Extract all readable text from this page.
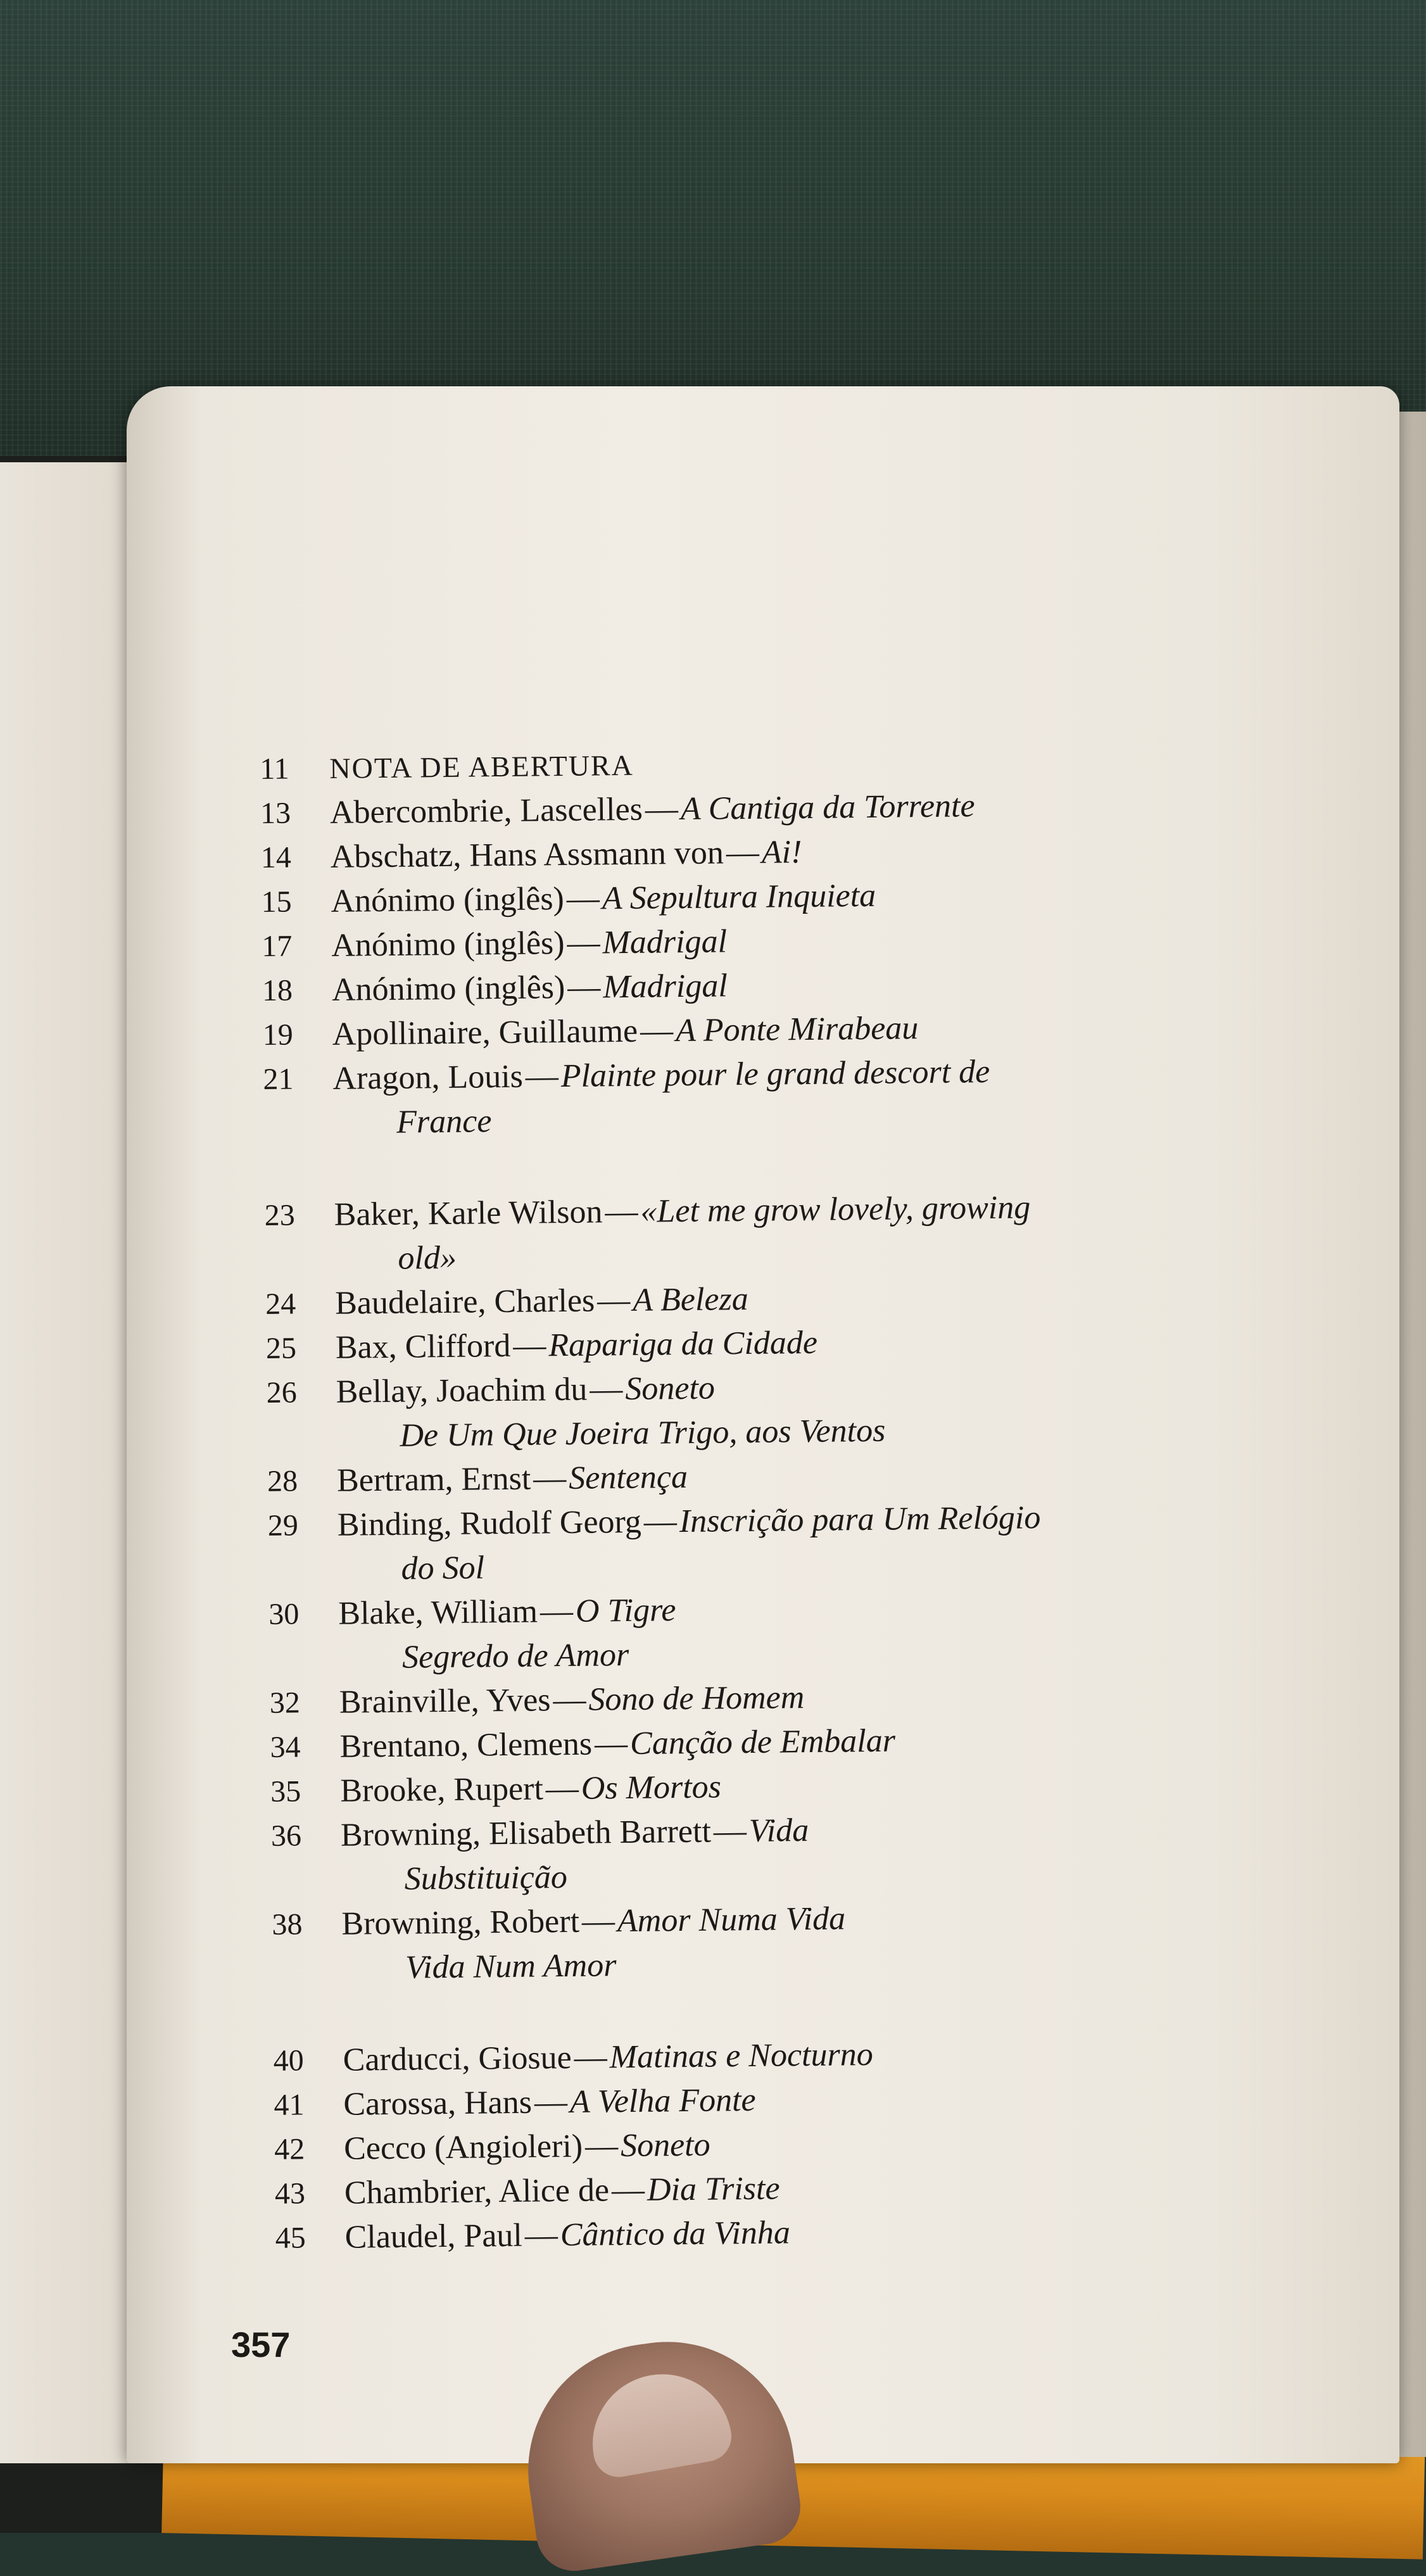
11	NOTA DE ABERTURA
13	Abercombrie, Lascelles—A Cantiga da Torrente
14	Abschatz, Hans Assmann von—Ai!
15	Anónimo (inglês)—A Sepultura Inquieta
17	Anónimo (inglês)—Madrigal
18	Anónimo (inglês)—Madrigal
19	Apollinaire, Guillaume—A Ponte Mirabeau
21	Aragon, Louis—Plainte pour le grand descort de
France
23	Baker, Karle Wilson—«Let me grow lovely, growing
old»
24	Baudelaire, Charles—A Beleza
25	Bax, Clifford—Rapariga da Cidade
26	Bellay, Joachim du—Soneto
De Um Que Joeira Trigo, aos Ventos
28	Bertram, Ernst—Sentença
29	Binding, Rudolf Georg—Inscrição para Um Relógio
do Sol
30	Blake, William—O Tigre
Segredo de Amor
32	Brainville, Yves—Sono de Homem
34	Brentano, Clemens—Canção de Embalar
35	Brooke, Rupert—Os Mortos
36	Browning, Elisabeth Barrett—Vida
Substituição
38	Browning, Robert—Amor Numa Vida
Vida Num Amor
40	Carducci, Giosue—Matinas e Nocturno
41	Carossa, Hans—A Velha Fonte
42	Cecco (Angioleri)—Soneto
43	Chambrier, Alice de—Dia Triste
45	Claudel, Paul—Cântico da Vinha
357
